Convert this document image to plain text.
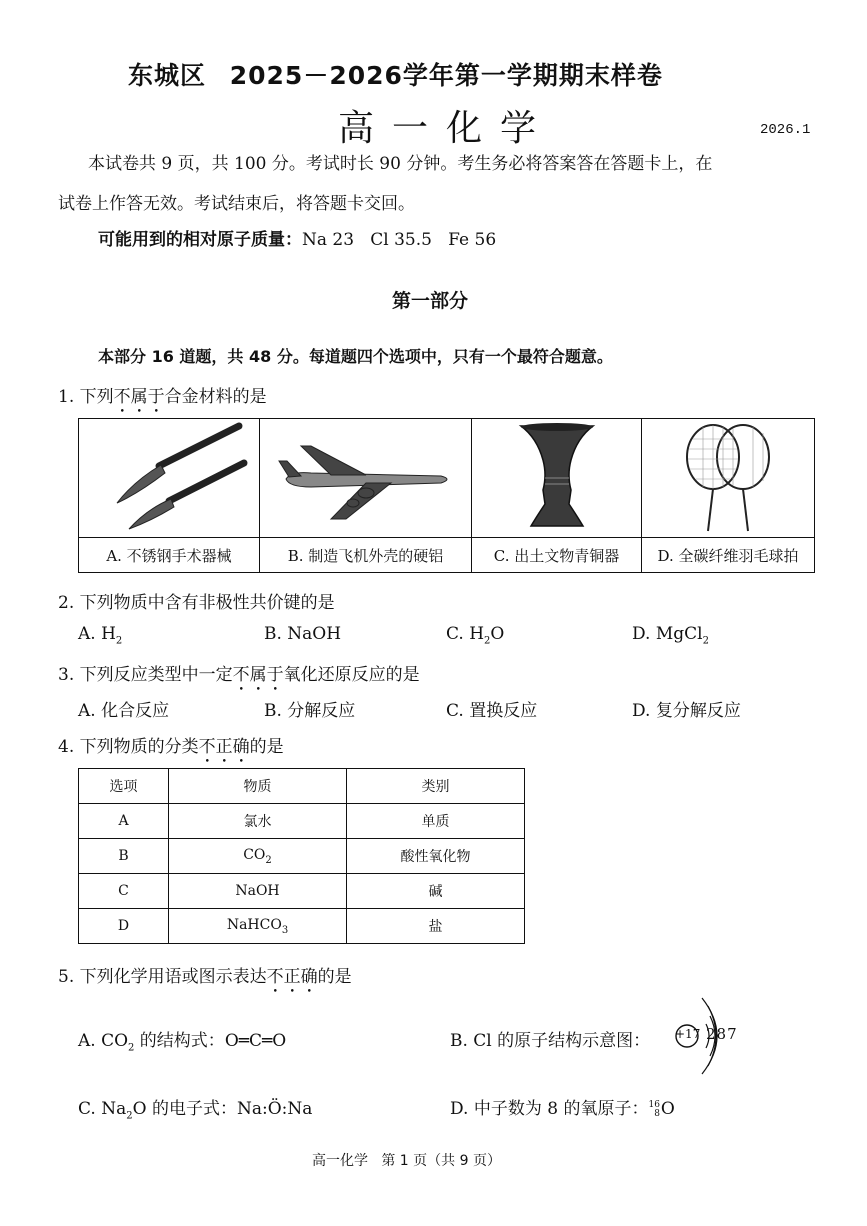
东城区 2025－2026学年第一学期期末样卷
高一化学	2026.1
本试卷共 9 页，共 100 分。考试时长 90 分钟。考生务必将答案答在答题卡上，在
试卷上作答无效。考试结束后，将答题卡交回。
可能用到的相对原子质量：Na 23   Cl 35.5   Fe 56
第一部分
本部分 16 道题，共 48 分。每道题四个选项中，只有一个最符合题意。
1. 下列不属于合金材料的是

A. 不锈钢手术器械	B. 制造飞机外壳的硬铝	C. 出土文物青铜器	D. 全碳纤维羽毛球拍
2. 下列物质中含有非极性共价键的是
A. $H_2$	B. NaOH	C. $H_2O$	D. MgCl$_2$
3. 下列反应类型中一定不属于氧化还原反应的是
A. 化合反应	B. 分解反应	C. 置换反应	D. 复分解反应
4. 下列物质的分类不正确的是
选项	物质	类别
A	氯水	单质
B	$CO_2$	酸性氧化物
C	NaOH	碱
D	NaHCO$_3$	盐
5. 下列化学用语或图示表达不正确的是
A. $CO_2$ 的结构式：O═C═O	B. Cl 的原子结构示意图： +17 287
C. $Na_2O$ 的电子式：Na:Ö:Na	D. 中子数为 8 的氧原子：16
8O
高一化学   第 1 页（共 9 页）
